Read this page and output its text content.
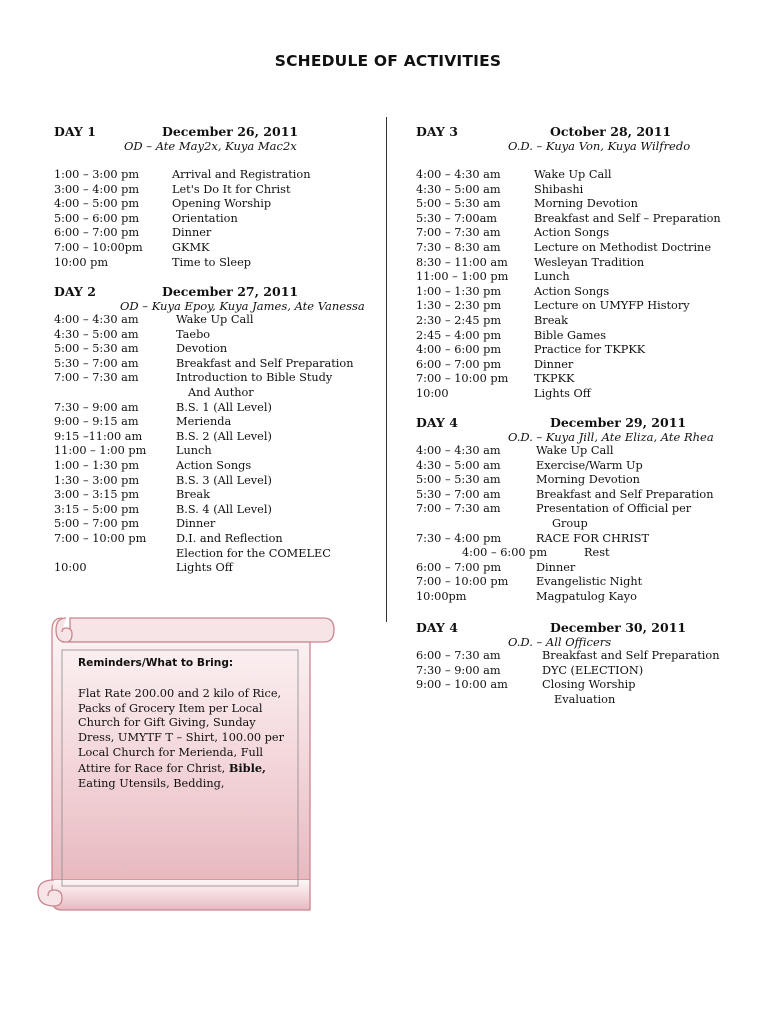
SCHEDULE OF ACTIVITIES
DAY 1	December 26, 2011
OD – Ate May2x, Kuya Mac2x
1:00 – 3:00 pm	Arrival and Registration
3:00 – 4:00 pm	Let's Do It for Christ
4:00 – 5:00 pm	Opening Worship
5:00 – 6:00 pm	Orientation
6:00 – 7:00 pm	Dinner
7:00 – 10:00pm	GKMK
10:00 pm	Time to Sleep
DAY 2	December 27, 2011
OD – Kuya Epoy, Kuya James, Ate Vanessa
4:00 – 4:30 am	Wake Up Call
4:30 – 5:00 am	Taebo
5:00 – 5:30 am	Devotion
5:30 – 7:00 am	Breakfast and Self Preparation
7:00 – 7:30 am	Introduction to Bible Study
And Author
7:30 – 9:00 am	B.S. 1 (All Level)
9:00 – 9:15 am	Merienda
9:15 –11:00 am	B.S. 2 (All Level)
11:00 – 1:00 pm	Lunch
1:00 – 1:30 pm	Action Songs
1:30 – 3:00 pm	B.S. 3 (All Level)
3:00 – 3:15 pm	Break
3:15 – 5:00 pm	B.S. 4 (All Level)
5:00 – 7:00 pm	Dinner
7:00 – 10:00 pm	D.I. and Reflection
Election for the COMELEC
10:00	Lights Off
DAY 3	October 28, 2011
O.D. – Kuya Von, Kuya Wilfredo
4:00 – 4:30 am	Wake Up Call
4:30 – 5:00 am	Shibashi
5:00 – 5:30 am	Morning Devotion
5:30 – 7:00am	Breakfast and Self – Preparation
7:00 – 7:30 am	Action Songs
7:30 – 8:30 am	Lecture on Methodist Doctrine
8:30 – 11:00 am Wesleyan Tradition
11:00 – 1:00 pm Lunch
1:00 – 1:30 pm	Action Songs
1:30 – 2:30 pm	Lecture on UMYFP History
2:30 – 2:45 pm	Break
2:45 – 4:00 pm	Bible Games
4:00 – 6:00 pm	Practice for TKPKK
6:00 – 7:00 pm	Dinner
7:00 – 10:00 pm TKPKK
10:00	Lights Off
DAY 4	December 29, 2011
O.D. – Kuya Jill, Ate Eliza, Ate Rhea
4:00 – 4:30 am	Wake Up Call
4:30 – 5:00 am	Exercise/Warm Up
5:00 – 5:30 am	Morning Devotion
5:30 – 7:00 am	Breakfast and Self Preparation
7:00 – 7:30 am	Presentation of Official per
Group
7:30 – 4:00 pm	RACE FOR CHRIST
4:00 – 6:00 pm	Rest
6:00 – 7:00 pm	Dinner
7:00 – 10:00 pm Evangelistic Night
10:00pm	Magpatulog Kayo
DAY 4	December 30, 2011
O.D. – All Officers
6:00 – 7:30 am	Breakfast and Self Preparation
7:30 – 9:00 am	DYC (ELECTION)
9:00 – 10:00 am	Closing Worship
Evaluation
Reminders/What to Bring:
Flat Rate 200.00 and 2 kilo of Rice,
Packs of Grocery Item per Local
Church for Gift Giving, Sunday
Dress, UMYTF T – Shirt, 100.00 per
Local Church for Merienda, Full
Attire for Race for Christ, Bible,
Eating Utensils, Bedding,
